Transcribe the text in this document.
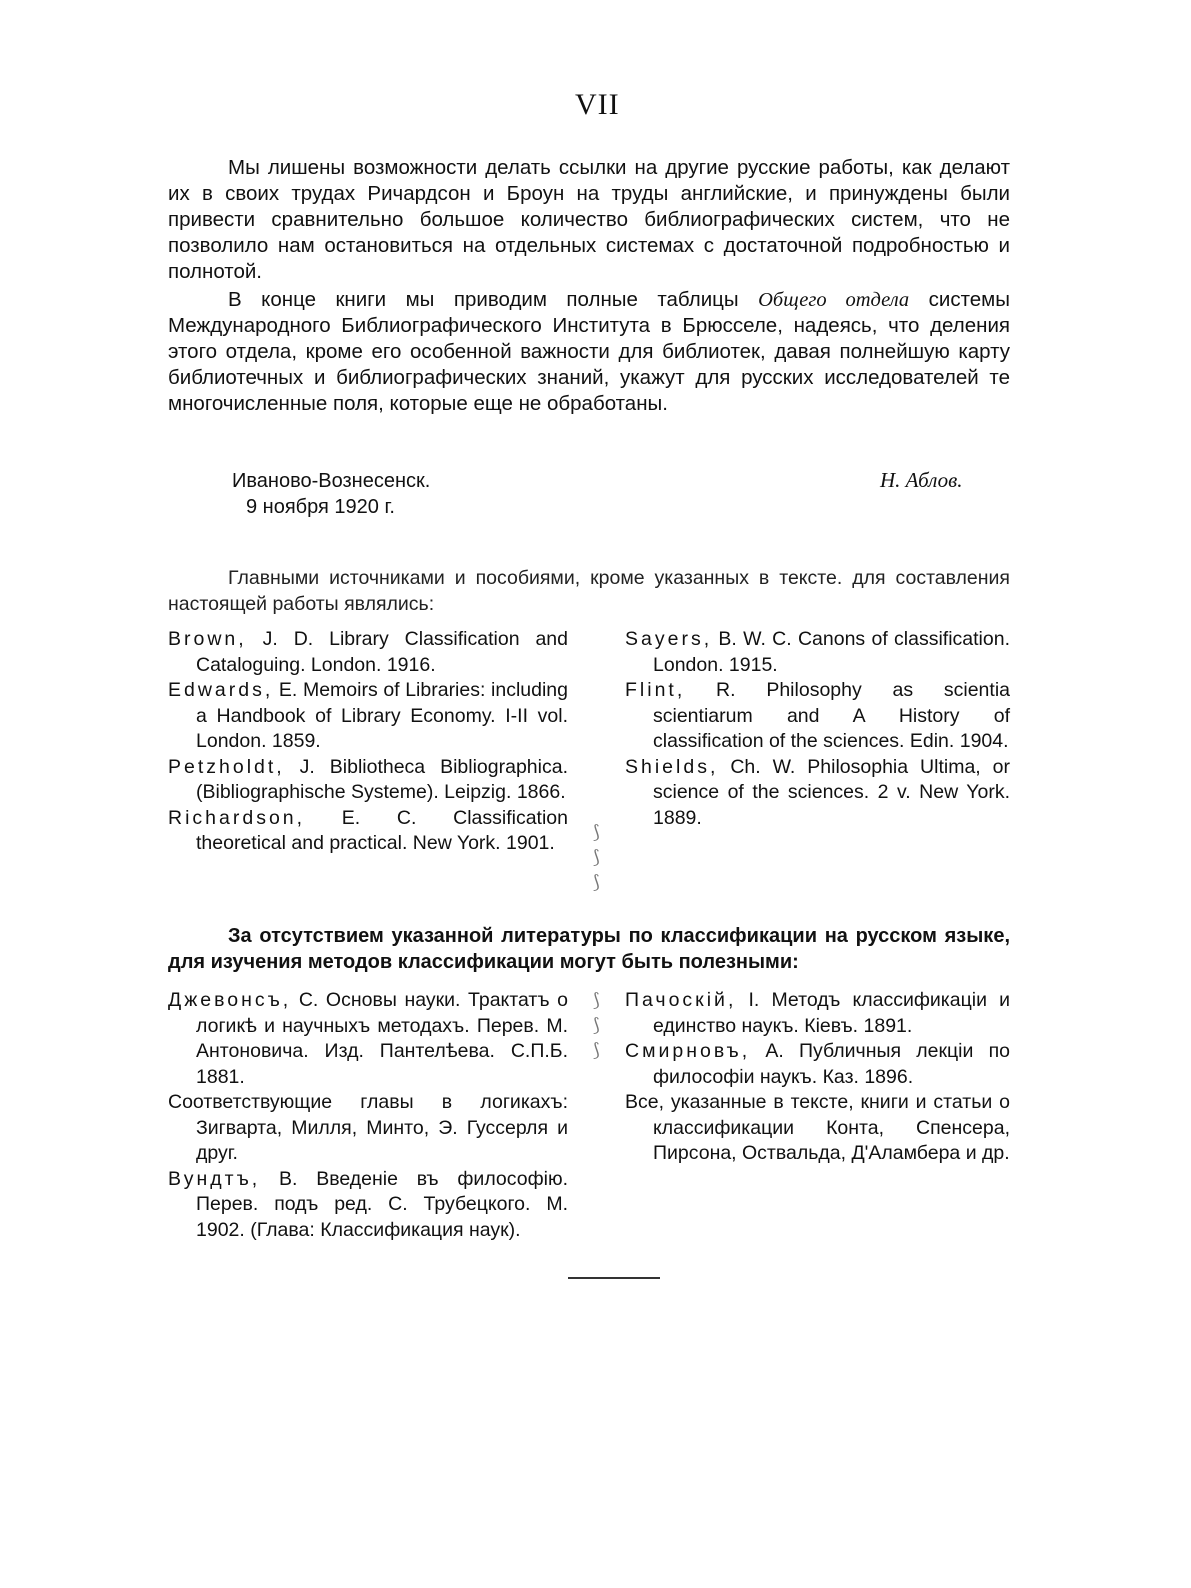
VII
Мы лишены возможности делать ссылки на другие русские работы, как делают их в своих трудах Ричардсон и Броун на труды английские, и принуждены были привести сравнительно большое количество библиографических систем, что не позволило нам остановиться на отдельных системах с достаточной подробностью и полнотой.
В конце книги мы приводим полные таблицы Общего отдела системы Международного Библиографического Института в Брюсселе, надеясь, что деления этого отдела, кроме его особенной важности для библиотек, давая полнейшую карту библиотечных и библиографических знаний, укажут для русских исследователей те многочисленные поля, которые еще не обработаны.
Иваново-Вознесенск.
9 ноября 1920 г.
Н. Аблов.
Главными источниками и пособиями, кроме указанных в тексте. для составления настоящей работы являлись:
Brown, J. D. Library Classification and Cataloguing. London. 1916.
Edwards, E. Memoirs of Libraries: including a Handbook of Library Economy. I-II vol. London. 1859.
Petzholdt, J. Bibliotheca Bibliographica. (Bibliographische Systeme). Leipzig. 1866.
Richardson, E. C. Classification theoretical and practical. New York. 1901.	⟆
⟆
⟆
Sayers, B. W. C. Canons of classification. London. 1915.
Flint, R. Philosophy as scientia scientiarum and A History of classification of the sciences. Edin. 1904.
Shields, Ch. W. Philosophia Ultima, or science of the sciences. 2 v. New York. 1889.
За отсутствием указанной литературы по классификации на русском языке, для изучения методов классификации могут быть полезными:
Джевонсъ, С. Основы науки. Трактатъ о логикѣ и научныхъ методахъ. Перев. М. Антоновича. Изд. Пантелѣева. С.П.Б. 1881.
Соответствующие главы в логикахъ: Зигварта, Милля, Минто, Э. Гуссерля и друг.
Вундтъ, В. Введеніе въ философію. Перев. подъ ред. С. Трубецкого. М. 1902. (Глава: Классификация наук).
⟆
⟆
⟆
Пачоскій, I. Методъ классификаціи и единство наукъ. Кіевъ. 1891.
Смирновъ, А. Публичныя лекціи по философіи наукъ. Каз. 1896.
Все, указанные в тексте, книги и статьи о классификации Конта, Спенсера, Пирсона, Оствальда, Д'Аламбера и др.
